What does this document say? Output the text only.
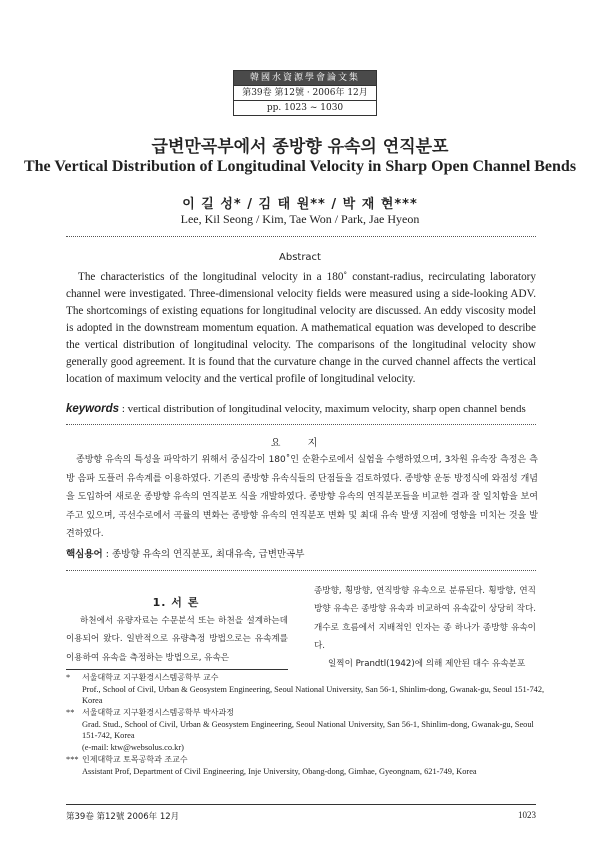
韓國水資源學會論文集
第39卷 第12號 · 2006年 12月
pp. 1023 ~ 1030
급변만곡부에서 종방향 유속의 연직분포
The Vertical Distribution of Longitudinal Velocity in Sharp Open Channel Bends
이 길 성* / 김 태 원** / 박 재 현***
Lee, Kil Seong / Kim, Tae Won / Park, Jae Hyeon
Abstract
The characteristics of the longitudinal velocity in a 180˚ constant-radius, recirculating laboratory channel were investigated. Three-dimensional velocity fields were measured using a side-looking ADV. The shortcomings of existing equations for longitudinal velocity are discussed. An eddy viscosity model is adopted in the downstream momentum equation. A mathematical equation was developed to describe the vertical distribution of longitudinal velocity. The comparisons of the longitudinal velocity show generally good agreement. It is found that the curvature change in the curved channel affects the vertical location of maximum velocity and the vertical profile of longitudinal velocity.
keywords : vertical distribution of longitudinal velocity, maximum velocity, sharp open channel bends
요 지
종방향 유속의 특성을 파악하기 위해서 중심각이 180˚인 순환수로에서 실험을 수행하였으며, 3차원 유속장 측정은 측방 음파 도플러 유속계를 이용하였다. 기존의 종방향 유속식들의 단점들을 검토하였다. 종방향 운동 방정식에 와점성 개념을 도입하여 새로운 종방향 유속의 연직분포 식을 개발하였다. 종방향 유속의 연직분포들을 비교한 결과 잘 일치함을 보여주고 있으며, 곡선수로에서 곡률의 변화는 종방향 유속의 연직분포 변화 및 최대 유속 발생 지점에 영향을 미치는 것을 발견하였다.
핵심용어 : 종방향 유속의 연직분포, 최대유속, 급변만곡부
1. 서 론
하천에서 유량자료는 수문분석 또는 하천을 설계하는데 이용되어 왔다. 일반적으로 유량측정 방법으로는 유속계를 이용하여 유속을 측정하는 방법으로, 유속은

종방향, 횡방향, 연직방향 유속으로 분류된다. 횡방향, 연직방향 유속은 종방향 유속과 비교하여 유속값이 상당히 작다. 개수로 흐름에서 지배적인 인자는 종 하나가 종방향 유속이다.

일찍이 Prandtl(1942)에 의해 제안된 대수 유속분포

* 서울대학교 지구환경시스템공학부 교수
Prof., School of Civil, Urban & Geosystem Engineering, Seoul National University, San 56-1, Shinlim-dong, Gwanak-gu, Seoul 151-742, Korea
** 서울대학교 지구환경시스템공학부 박사과정
Grad. Stud., School of Civil, Urban & Geosystem Engineering, Seoul National University, San 56-1, Shinlim-dong, Gwanak-gu, Seoul 151-742, Korea
(e-mail: ktw@websolus.co.kr)
*** 인제대학교 토목공학과 조교수
Assistant Prof, Department of Civil Engineering, Inje University, Obang-dong, Gimhae, Gyeongnam, 621-749, Korea
第39卷 第12號 2006年 12月	1023
